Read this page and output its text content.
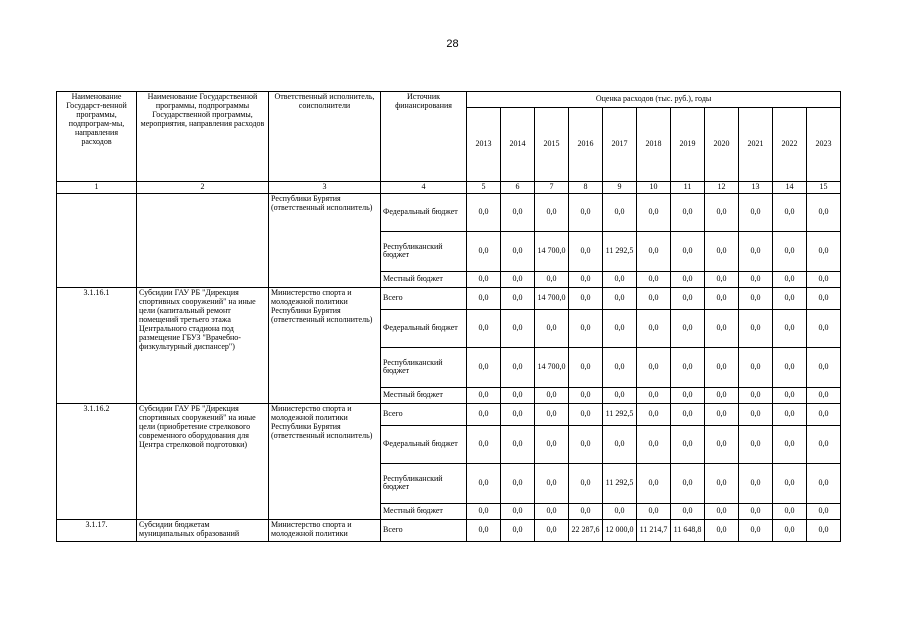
28
Наименование Государст-венной программы, подпрограм-мы, направления расходов	Наименование Государственной программы, подпрограммы Государственной программы, мероприятия, направления расходов	Ответственный исполнитель, соисполнители	Источник финансирования	Оценка расходов (тыс. руб.), годы										
				2013	2014	2015	2016	2017	2018	2019	2020	2021	2022	2023
1	2	3	4	5	6	7	8	9	10	11	12	13	14	15
		Республики Бурятия (ответственный исполнитель)	Федеральный бюджет	0,0	0,0	0,0	0,0	0,0	0,0	0,0	0,0	0,0	0,0	0,0
			Республиканский бюджет	0,0	0,0	14 700,0	0,0	11 292,5	0,0	0,0	0,0	0,0	0,0	0,0
			Местный бюджет	0,0	0,0	0,0	0,0	0,0	0,0	0,0	0,0	0,0	0,0	0,0
3.1.16.1	Субсидии ГАУ РБ "Дирекция спортивных сооружений" на иные цели (капитальный ремонт помещений третьего этажа Центрального стадиона под размещение ГБУЗ "Врачебно-физкультурный диспансер")	Министерство спорта и молодежной политики Республики Бурятия (ответственный исполнитель)	Всего	0,0	0,0	14 700,0	0,0	0,0	0,0	0,0	0,0	0,0	0,0	0,0
			Федеральный бюджет	0,0	0,0	0,0	0,0	0,0	0,0	0,0	0,0	0,0	0,0	0,0
			Республиканский бюджет	0,0	0,0	14 700,0	0,0	0,0	0,0	0,0	0,0	0,0	0,0	0,0
			Местный бюджет	0,0	0,0	0,0	0,0	0,0	0,0	0,0	0,0	0,0	0,0	0,0
3.1.16.2	Субсидии ГАУ РБ "Дирекция спортивных сооружений" на иные цели (приобретение стрелкового современного оборудования для Центра стрелковой подготовки)	Министерство спорта и молодежной политики Республики Бурятия (ответственный исполнитель)	Всего	0,0	0,0	0,0	0,0	11 292,5	0,0	0,0	0,0	0,0	0,0	0,0
			Федеральный бюджет	0,0	0,0	0,0	0,0	0,0	0,0	0,0	0,0	0,0	0,0	0,0
			Республиканский бюджет	0,0	0,0	0,0	0,0	11 292,5	0,0	0,0	0,0	0,0	0,0	0,0
			Местный бюджет	0,0	0,0	0,0	0,0	0,0	0,0	0,0	0,0	0,0	0,0	0,0
3.1.17.	Субсидии бюджетам муниципальных образований	Министерство спорта и молодежной политики	Всего	0,0	0,0	0,0	22 287,6	12 000,0	11 214,7	11 648,8	0,0	0,0	0,0	0,0
